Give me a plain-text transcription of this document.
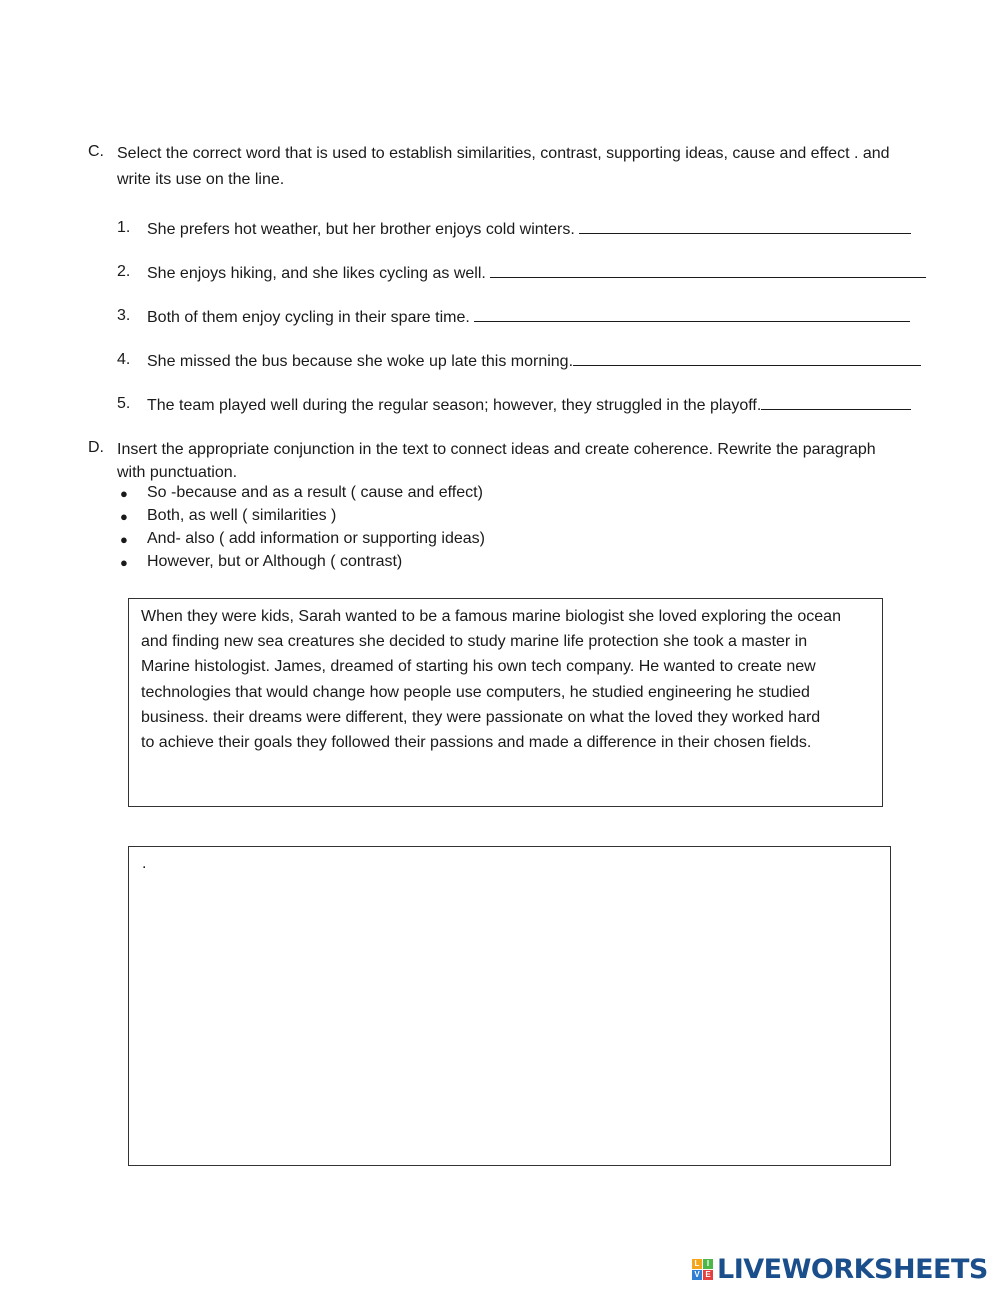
C. Select the correct word that is used to establish similarities, contrast, supporting ideas, cause and effect . and
write its use on the line.
1. She prefers hot weather, but her brother enjoys cold winters.
2. She enjoys hiking, and she likes cycling as well.
3. Both of them enjoy cycling in their spare time.
4. She missed the bus because she woke up late this morning.
5. The team played well during the regular season; however, they struggled in the playoff.
D. Insert the appropriate conjunction in the text to connect ideas and create coherence. Rewrite the paragraph
with punctuation.
● So -because and as a result ( cause and effect)
● Both, as well ( similarities )
● And- also ( add information or supporting ideas)
● However, but or Although ( contrast)
When they were kids, Sarah wanted to be a famous marine biologist she loved exploring the ocean
and finding new sea creatures she decided to study marine life protection she took a master in
Marine histologist. James, dreamed of starting his own tech company. He wanted to create new
technologies that would change how people use computers, he studied engineering he studied
business. their dreams were different, they were passionate on what the loved they worked hard
to achieve their goals they followed their passions and made a difference in their chosen fields.
.
L I
V E LIVEWORKSHEETS
